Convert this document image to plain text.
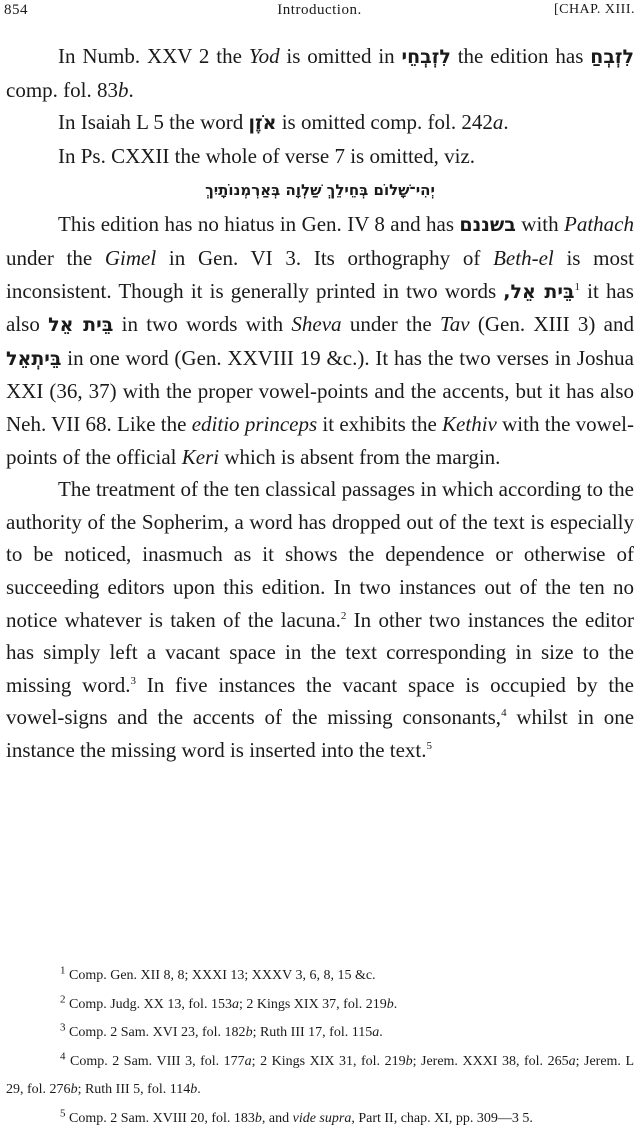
854	Introduction.	[CHAP. XIII.

In Numb. XXV 2 the Yod is omitted in לִזְבְחֵי the edition has לִזְבְחַ comp. fol. 83b.

In Isaiah L 5 the word אֹזֶן is omitted comp. fol. 242a.

In Ps. CXXII the whole of verse 7 is omitted, viz.

יְהִי־שָׁלוֹם בְּחֵילֵךְ שַׁלְוָה בְּאַרְמְנוֹתָיִךְ

This edition has no hiatus in Gen. IV 8 and has בשננם with Pathach under the Gimel in Gen. VI 3. Its orthography of Beth-el is most inconsistent. Though it is generally printed in two words בֵּית אֵל,$^1$ it has also בֵּית אֵל in two words with Sheva under the Tav (Gen. XIII 3) and בֵּיתְאֵל in one word (Gen. XXVIII 19 &c.). It has the two verses in Joshua XXI (36, 37) with the proper vowel-points and the accents, but it has also Neh. VII 68. Like the editio princeps it exhibits the Kethiv with the vowel-points of the official Keri which is absent from the margin.

The treatment of the ten classical passages in which according to the authority of the Sopherim, a word has dropped out of the text is especially to be noticed, inasmuch as it shows the dependence or otherwise of succeeding editors upon this edition. In two instances out of the ten no notice whatever is taken of the lacuna.$^2$ In other two instances the editor has simply left a vacant space in the text corresponding in size to the missing word.$^3$ In five instances the vacant space is occupied by the vowel-signs and the accents of the missing consonants,$^4$ whilst in one instance the missing word is inserted into the text.$^5$

$^1$ Comp. Gen. XII 8, 8; XXXI 13; XXXV 3, 6, 8, 15 &c.

$^2$ Comp. Judg. XX 13, fol. 153a; 2 Kings XIX 37, fol. 219b.

$^3$ Comp. 2 Sam. XVI 23, fol. 182b; Ruth III 17, fol. 115a.

$^4$ Comp. 2 Sam. VIII 3, fol. 177a; 2 Kings XIX 31, fol. 219b; Jerem. XXXI 38, fol. 265a; Jerem. L 29, fol. 276b; Ruth III 5, fol. 114b.

$^5$ Comp. 2 Sam. XVIII 20, fol. 183b, and vide supra, Part II, chap. XI, pp. 309—3 5.
